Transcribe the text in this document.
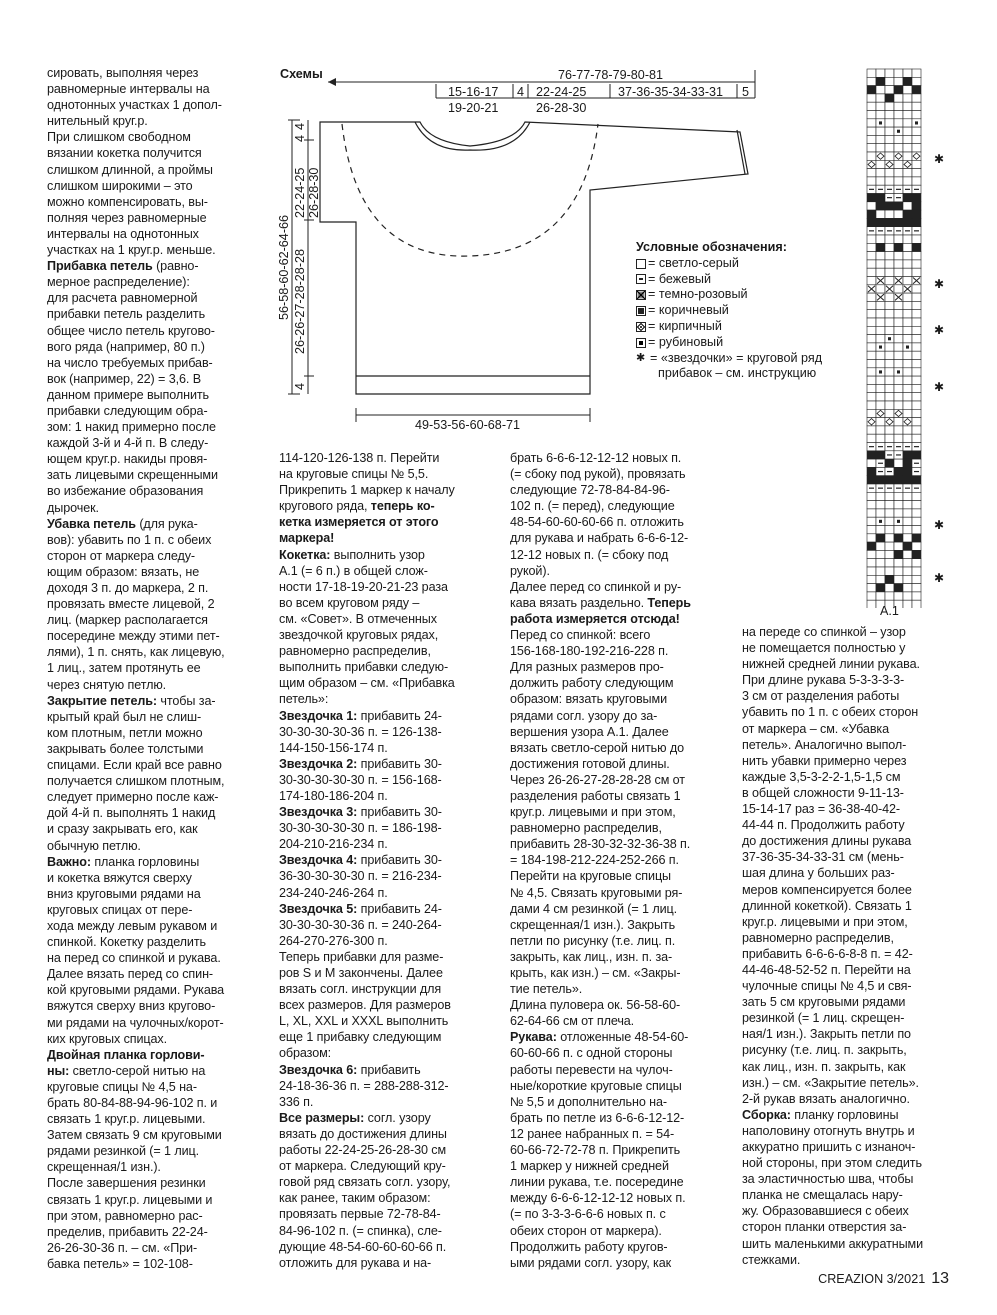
сировать, выполняя через
равномерные интервалы на
однотонных участках 1 допол-
нительный круг.р.
При слишком свободном
вязании кокетка получится
слишком длинной, а проймы
слишком широкими – это
можно компенсировать, вы-
полняя через равномерные
интервалы на однотонных
участках на 1 круг.р. меньше.
Прибавка петель (равно-
мерное распределение):
для расчета равномерной
прибавки петель разделить
общее число петель кругово-
вого ряда (например, 80 п.)
на число требуемых прибав-
вок (например, 22) = 3,6. В
данном примере выполнить
прибавки следующим обра-
зом: 1 накид примерно после
каждой 3-й и 4-й п. В следу-
ющем круг.р. накиды провя-
зать лицевыми скрещенными
во избежание образования
дырочек.
Убавка петель (для рука-
вов): убавить по 1 п. с обеих
сторон от маркера следу-
ющим образом: вязать, не
доходя 3 п. до маркера, 2 п.
провязать вместе лицевой, 2
лиц. (маркер располагается
посередине между этими пет-
лями), 1 п. снять, как лицевую,
1 лиц., затем протянуть ее
через снятую петлю.
Закрытие петель: чтобы за-
крытый край был не слиш-
ком плотным, петли можно
закрывать более толстыми
спицами. Если край все равно
получается слишком плотным,
следует примерно после каж-
дой 4-й п. выполнять 1 накид
и сразу закрывать его, как
обычную петлю.
Важно: планка горловины
и кокетка вяжутся сверху
вниз круговыми рядами на
круговых спицах от пере-
хода между левым рукавом и
спинкой. Кокетку разделить
на перед со спинкой и рукава.
Далее вязать перед со спин-
кой круговыми рядами. Рукава
вяжутся сверху вниз кругово-
ми рядами на чулочных/корот-
ких круговых спицах.
Двойная планка горлови-
ны: светло-серой нитью на
круговые спицы № 4,5 на-
брать 80-84-88-94-96-102 п. и
связать 1 круг.р. лицевыми.
Затем связать 9 см круговыми
рядами резинкой (= 1 лиц.
скрещенная/1 изн.).
После завершения резинки
связать 1 круг.р. лицевыми и
при этом, равномерно рас-
пределив, прибавить 22-24-
26-26-30-36 п. – см. «При-
бавка петель» = 102-108-
114-120-126-138 п. Перейти
на круговые спицы № 5,5.
Прикрепить 1 маркер к началу
кругового ряда, теперь ко-
кетка измеряется от этого
маркера!
Кокетка: выполнить узор
А.1 (= 6 п.) в общей слож-
ности 17-18-19-20-21-23 раза
во всем круговом ряду –
см. «Совет». В отмеченных
звездочкой круговых рядах,
равномерно распределив,
выполнить прибавки следую-
щим образом – см. «Прибавка
петель»:
Звездочка 1: прибавить 24-
30-30-30-30-36 п. = 126-138-
144-150-156-174 п.
Звездочка 2: прибавить 30-
30-30-30-30-30 п. = 156-168-
174-180-186-204 п.
Звездочка 3: прибавить 30-
30-30-30-30-30 п. = 186-198-
204-210-216-234 п.
Звездочка 4: прибавить 30-
36-30-30-30-30 п. = 216-234-
234-240-246-264 п.
Звездочка 5: прибавить 24-
30-30-30-30-36 п. = 240-264-
264-270-276-300 п.
Теперь прибавки для разме-
ров S и M закончены. Далее
вязать согл. инструкции для
всех размеров. Для размеров
L, XL, XXL и XXXL выполнить
еще 1 прибавку следующим
образом:
Звездочка 6: прибавить
24-18-36-36 п. = 288-288-312-
336 п.
Все размеры: согл. узору
вязать до достижения длины
работы 22-24-25-26-28-30 см
от маркера. Следующий кру-
говой ряд связать согл. узору,
как ранее, таким образом:
провязать первые 72-78-84-
84-96-102 п. (= спинка), сле-
дующие 48-54-60-60-60-66 п.
отложить для рукава и на-
брать 6-6-6-12-12-12 новых п.
(= сбоку под рукой), провязать
следующие 72-78-84-84-96-
102 п. (= перед), следующие
48-54-60-60-60-66 п. отложить
для рукава и набрать 6-6-6-12-
12-12 новых п. (= сбоку под
рукой).
Далее перед со спинкой и ру-
кава вязать раздельно. Теперь
работа измеряется отсюда!
Перед со спинкой: всего
156-168-180-192-216-228 п.
Для разных размеров про-
должить работу следующим
образом: вязать круговыми
рядами согл. узору до за-
вершения узора А.1. Далее
вязать светло-серой нитью до
достижения готовой длины.
Через 26-26-27-28-28-28 см от
разделения работы связать 1
круг.р. лицевыми и при этом,
равномерно распределив,
прибавить 28-30-32-32-36-38 п.
= 184-198-212-224-252-266 п.
Перейти на круговые спицы
№ 4,5. Связать круговыми ря-
дами 4 см резинкой (= 1 лиц.
скрещенная/1 изн.). Закрыть
петли по рисунку (т.е. лиц. п.
закрыть, как лиц., изн. п. за-
крыть, как изн.) – см. «Закры-
тие петель».
Длина пуловера ок. 56-58-60-
62-64-66 см от плеча.
Рукава: отложенные 48-54-60-
60-60-66 п. с одной стороны
работы перевести на чулоч-
ные/короткие круговые спицы
№ 5,5 и дополнительно на-
брать по петле из 6-6-6-12-12-
12 ранее набранных п. = 54-
60-66-72-72-78 п. Прикрепить
1 маркер у нижней средней
линии рукава, т.е. посередине
между 6-6-6-12-12-12 новых п.
(= по 3-3-3-6-6-6 новых п. с
обеих сторон от маркера).
Продолжить работу кругов-
ыми рядами согл. узору, как
на переде со спинкой – узор
не помещается полностью у
нижней средней линии рукава.
При длине рукава 5-3-3-3-3-
3 см от разделения работы
убавить по 1 п. с обеих сторон
от маркера – см. «Убавка
петель». Аналогично выпол-
нить убавки примерно через
каждые 3,5-3-2-2-1,5-1,5 см
в общей сложности 9-11-13-
15-14-17 раз = 36-38-40-42-
44-44 п. Продолжить работу
до достижения длины рукава
37-36-35-34-33-31 см (мень-
шая длина у больших раз-
меров компенсируется более
длинной кокеткой). Связать 1
круг.р. лицевыми и при этом,
равномерно распределив,
прибавить 6-6-6-6-8-8 п. = 42-
44-46-48-52-52 п. Перейти на
чулочные спицы № 4,5 и свя-
зать 5 см круговыми рядами
резинкой (= 1 лиц. скрещен-
ная/1 изн.). Закрыть петли по
рисунку (т.е. лиц. п. закрыть,
как лиц., изн. п. закрыть, как
изн.) – см. «Закрытие петель».
2-й рукав вязать аналогично.
Сборка: планку горловины
наполовину отогнуть внутрь и
аккуратно пришить с изнаноч-
ной стороны, при этом следить
за эластичностью шва, чтобы
планка не смещалась нару-
жу. Образовавшиеся с обеих
сторон планки отверстия за-
шить маленькими аккуратными
стежками.
Схемы	76-77-78-79-80-81
15-16-17
19-20-21
4 22-24-25
26-28-30
37-36-35-34-33-31 5
56-58-60-62-64-66
22-24-25 26-28-30
26-26-27-28-28-28
4
4
4
49-53-56-60-68-71
Условные обозначения:
= светло-серый
= бежевый
= темно-розовый
= коричневый
= кирпичный
= рубиновый
✱ = «звездочки» = круговой ряд
прибавок – см. инструкцию
A.1
✱
✱
✱
✱
✱
✱
CREAZION 3/2021 13
